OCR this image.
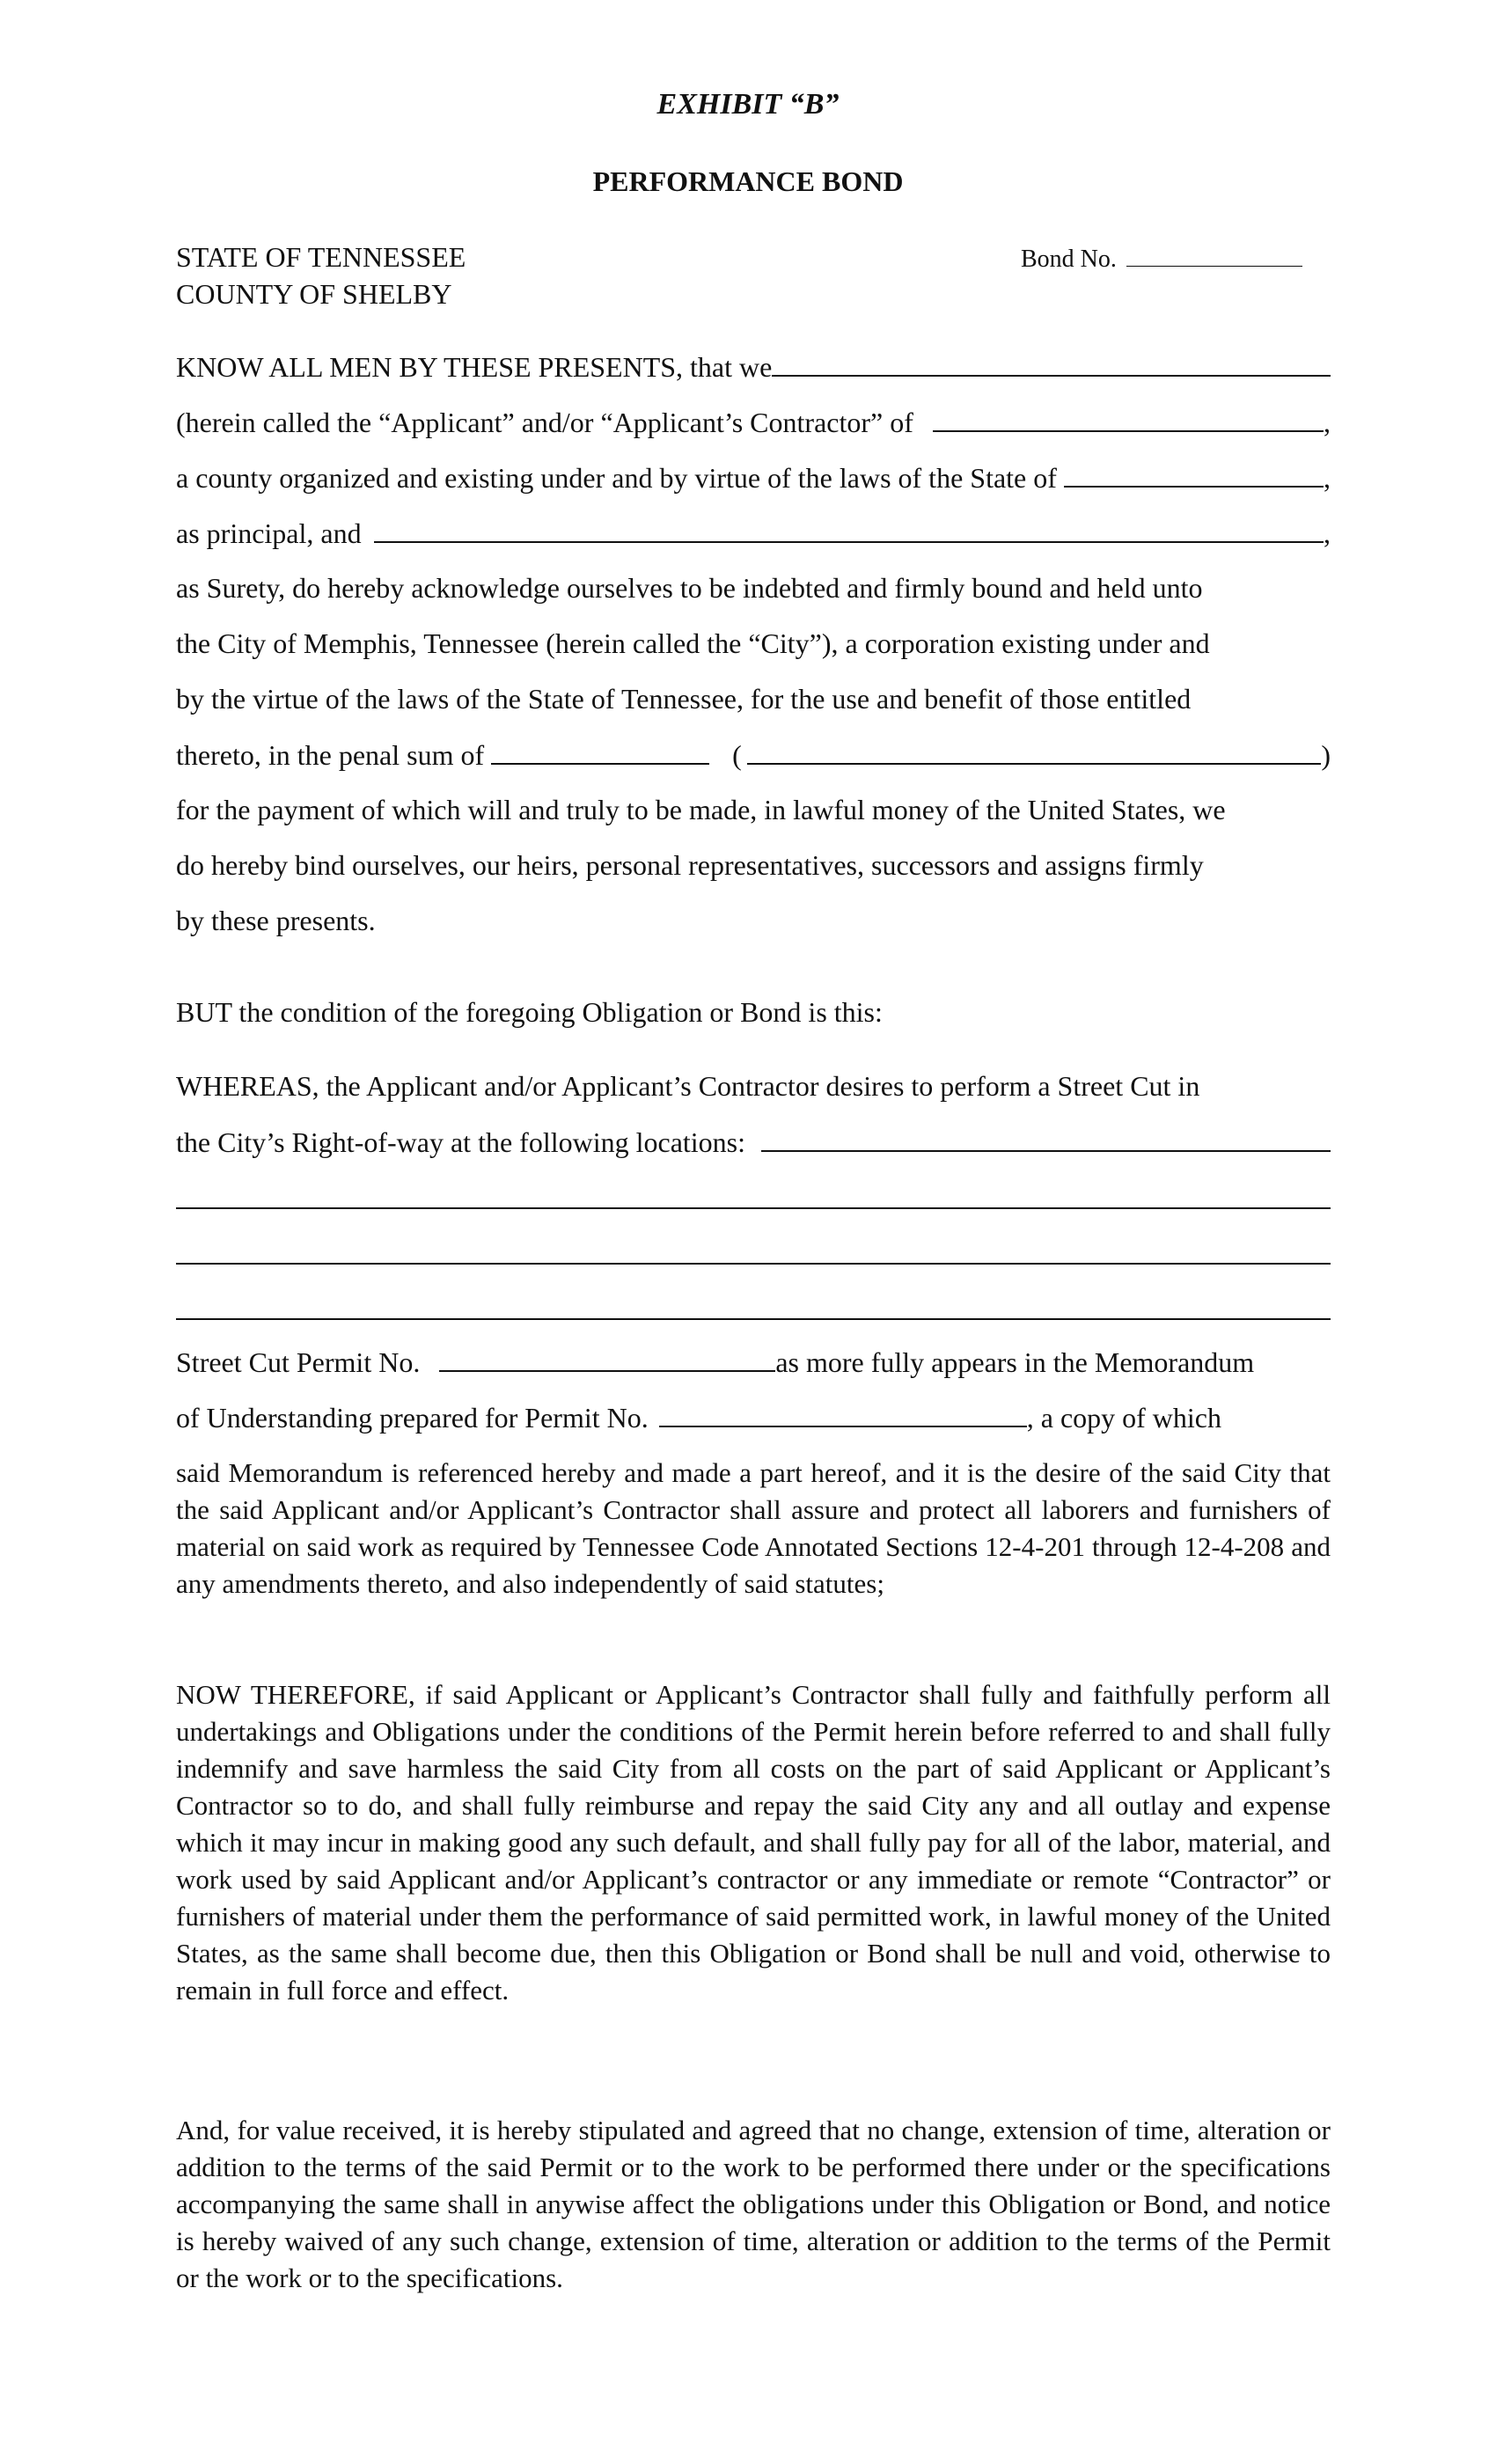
EXHIBIT “B”
PERFORMANCE BOND
STATE OF TENNESSEE
COUNTY OF SHELBY
Bond No.
KNOW ALL MEN BY THESE PRESENTS, that we
(herein called the “Applicant” and/or “Applicant’s Contractor” of	,
a county organized and existing under and by virtue of the laws of the State of	,
as principal, and	,
as Surety, do hereby acknowledge ourselves to be indebted and firmly bound and held unto
the City of Memphis, Tennessee (herein called the “City”), a corporation existing under and
by the virtue of the laws of the State of Tennessee, for the use and benefit of those entitled
thereto, in the penal sum of	(	)
for the payment of which will and truly to be made, in lawful money of the United States, we
do hereby bind ourselves, our heirs, personal representatives, successors and assigns firmly
by these presents.
BUT the condition of the foregoing Obligation or Bond is this:
WHEREAS, the Applicant and/or Applicant’s Contractor desires to perform a Street Cut in
the City’s Right-of-way at the following locations:
Street Cut Permit No.	as more fully appears in the Memorandum
of Understanding prepared for Permit No.	, a copy of which
said Memorandum is referenced hereby and made a part hereof, and it is the desire of the said City that the said Applicant and/or Applicant’s Contractor shall assure and protect all laborers and furnishers of material on said work as required by Tennessee Code Annotated Sections 12-4-201 through 12-4-208 and any amendments thereto, and also independently of said statutes;
NOW THEREFORE, if said Applicant or Applicant’s Contractor shall fully and faithfully perform all undertakings and Obligations under the conditions of the Permit herein before referred to and shall fully indemnify and save harmless the said City from all costs on the part of said Applicant or Applicant’s Contractor so to do, and shall fully reimburse and repay the said City any and all outlay and expense which it may incur in making good any such default, and shall fully pay for all of the labor, material, and work used by said Applicant and/or Applicant’s contractor or any immediate or remote “Contractor” or furnishers of material under them the performance of said permitted work, in lawful money of the United States, as the same shall become due, then this Obligation or Bond shall be null and void, otherwise to remain in full force and effect.
And, for value received, it is hereby stipulated and agreed that no change, extension of time, alteration or addition to the terms of the said Permit or to the work to be performed there under or the specifications accompanying the same shall in anywise affect the obligations under this Obligation or Bond, and notice is hereby waived of any such change, extension of time, alteration or addition to the terms of the Permit or the work or to the specifications.
